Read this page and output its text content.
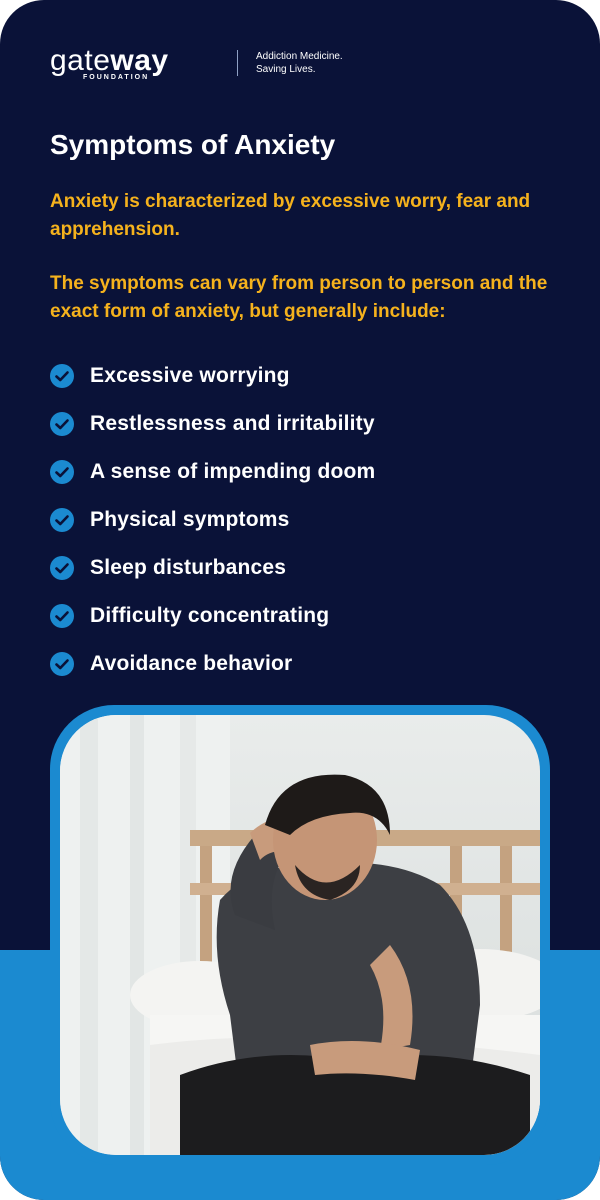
gateway
FOUNDATION
Addiction Medicine.
Saving Lives.
Symptoms of Anxiety

Anxiety is characterized by excessive worry, fear and apprehension.

The symptoms can vary from person to person and the exact form of anxiety, but generally include:

Excessive worrying
Restlessness and irritability
A sense of impending doom
Physical symptoms
Sleep disturbances
Difficulty concentrating
Avoidance behavior
